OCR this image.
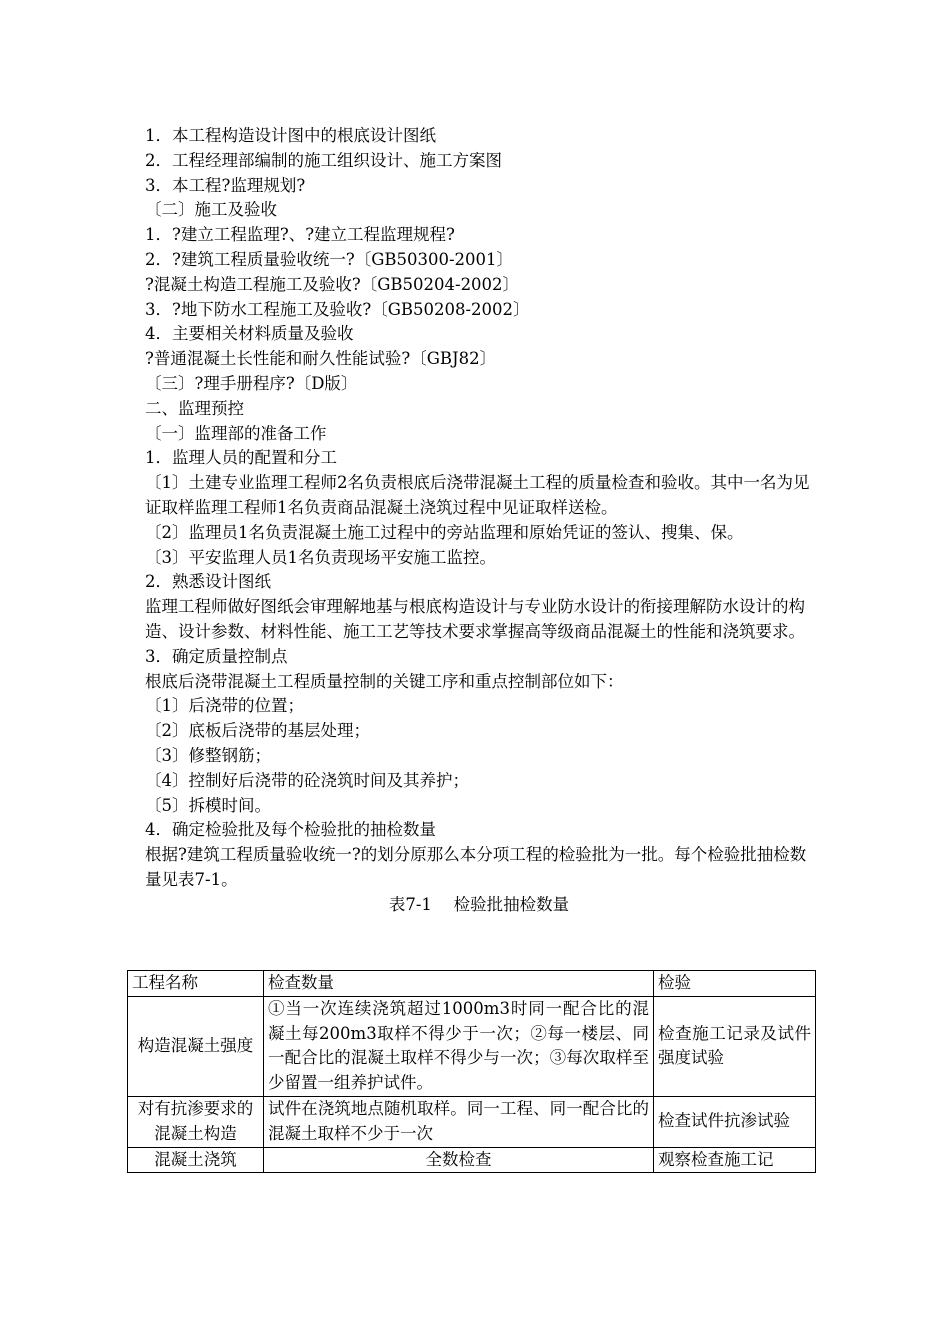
1．本工程构造设计图中的根底设计图纸

2．工程经理部编制的施工组织设计、施工方案图

3．本工程?监理规划?

〔二〕施工及验收

1．?建立工程监理?、?建立工程监理规程?

2．?建筑工程质量验收统一?〔GB50300-2001〕

?混凝土构造工程施工及验收?〔GB50204-2002〕

3．?地下防水工程施工及验收?〔GB50208-2002〕

4．主要相关材料质量及验收

?普通混凝土长性能和耐久性能试验?〔GBJ82〕

〔三〕?理手册程序?〔D版〕

二、监理预控

〔一〕监理部的准备工作

1．监理人员的配置和分工

〔1〕土建专业监理工程师2名负责根底后浇带混凝土工程的质量检查和验收。其中一名为见证取样监理工程师1名负责商品混凝土浇筑过程中见证取样送检。

〔2〕监理员1名负责混凝土施工过程中的旁站监理和原始凭证的签认、搜集、保。

〔3〕平安监理人员1名负责现场平安施工监控。

2．熟悉设计图纸

监理工程师做好图纸会审理解地基与根底构造设计与专业防水设计的衔接理解防水设计的构造、设计参数、材料性能、施工工艺等技术要求掌握高等级商品混凝土的性能和浇筑要求。

3．确定质量控制点

根底后浇带混凝土工程质量控制的关键工序和重点控制部位如下：

〔1〕后浇带的位置；

〔2〕底板后浇带的基层处理；

〔3〕修整钢筋；

〔4〕控制好后浇带的砼浇筑时间及其养护；

〔5〕拆模时间。

4．确定检验批及每个检验批的抽检数量

根据?建筑工程质量验收统一?的划分原那么本分项工程的检验批为一批。每个检验批抽检数量见表7-1。

表7-1　 检验批抽检数量

工程名称	检查数量	检验
构造混凝土强度	①当一次连续浇筑超过1000m3时同一配合比的混凝土每200m3取样不得少于一次；②每一楼层、同一配合比的混凝土取样不得少与一次；③每次取样至少留置一组养护试件。	检查施工记录及试件强度试验
对有抗渗要求的混凝土构造	试件在浇筑地点随机取样。同一工程、同一配合比的混凝土取样不少于一次	检查试件抗渗试验
混凝土浇筑	全数检查	观察检查施工记
